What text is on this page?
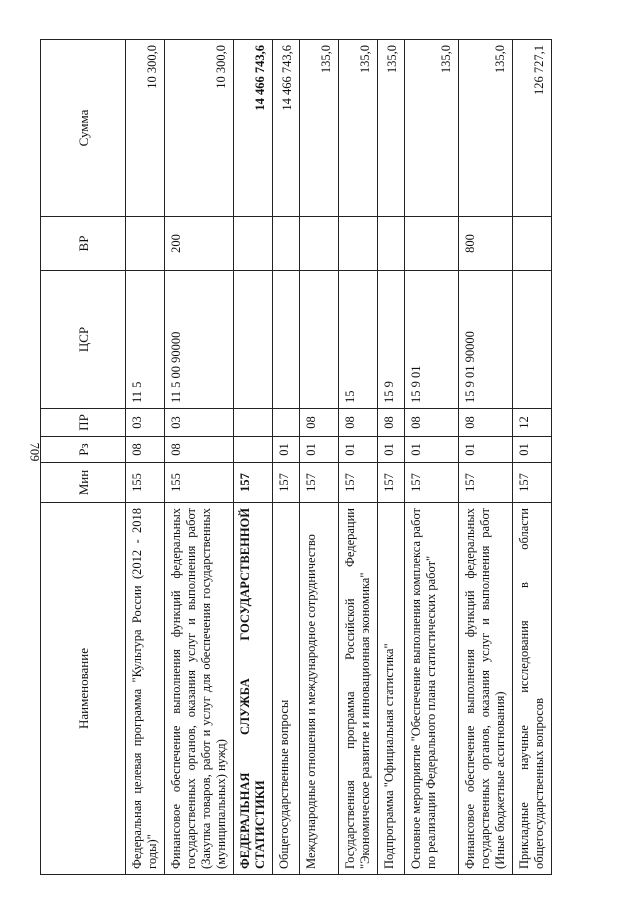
709
Наименование	Мин	Рз	ПР	ЦСР	ВР	Сумма
Федеральная целевая программа "Культура России (2012 - 2018 годы)"	155	08	03	11 5		10 300,0
Финансовое обеспечение выполнения функций федеральных государственных органов, оказания услуг и выполнения работ (Закупка товаров, работ и услуг для обеспечения государственных (муниципальных) нужд)	155	08	03	11 5 00 90000	200	10 300,0
ФЕДЕРАЛЬНАЯ СЛУЖБА ГОСУДАРСТВЕННОЙ СТАТИСТИКИ	157					14 466 743,6
Общегосударственные вопросы	157	01				14 466 743,6
Международные отношения и международное сотрудничество	157	01	08			135,0
Государственная программа Российской Федерации "Экономическое развитие и инновационная экономика"	157	01	08	15		135,0
Подпрограмма "Официальная статистика"	157	01	08	15 9		135,0
Основное мероприятие "Обеспечение выполнения комплекса работ по реализации Федерального плана статистических работ"	157	01	08	15 9 01		135,0
Финансовое обеспечение выполнения функций федеральных государственных органов, оказания услуг и выполнения работ (Иные бюджетные ассигнования)	157	01	08	15 9 01 90000	800	135,0
Прикладные научные исследования в области общегосударственных вопросов	157	01	12			126 727,1
